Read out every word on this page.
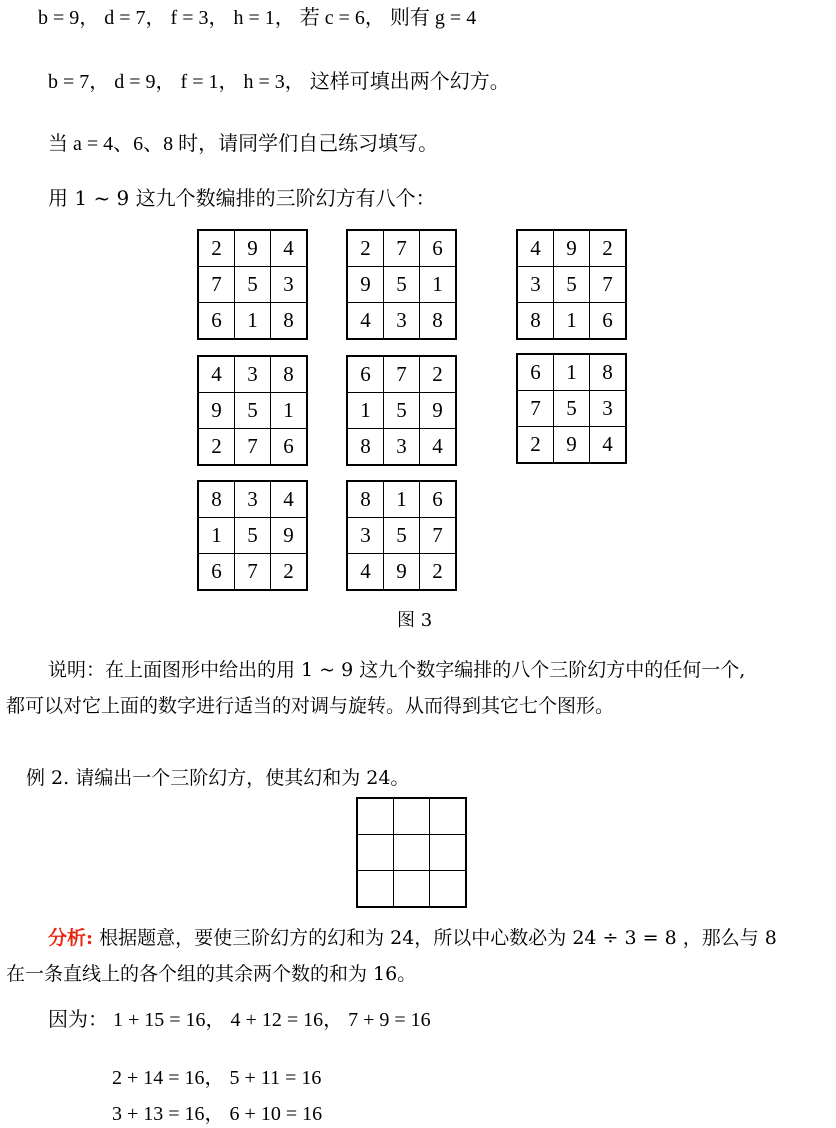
b = 9， d = 7， f = 3， h = 1， 若 c = 6， 则有 g = 4
b = 7， d = 9， f = 1， h = 3， 这样可填出两个幻方。
当 a = 4、6、8 时，请同学们自己练习填写。
用 1 ~ 9 这九个数编排的三阶幻方有八个：
2	9	4
7	5	3
6	1	8
2	7	6
9	5	1
4	3	8
4	9	2
3	5	7
8	1	6
4	3	8
9	5	1
2	7	6
6	7	2
1	5	9
8	3	4
6	1	8
7	5	3
2	9	4
8	3	4
1	5	9
6	7	2
8	1	6
3	5	7
4	9	2
图 3
说明：在上面图形中给出的用 1 ~ 9 这九个数字编排的八个三阶幻方中的任何一个,
都可以对它上面的数字进行适当的对调与旋转。从而得到其它七个图形。
例 2. 请编出一个三阶幻方，使其幻和为 24。

分析: 根据题意，要使三阶幻方的幻和为 24，所以中心数必为 24 ÷ 3 = 8 ，那么与 8
在一条直线上的各个组的其余两个数的和为 16。
因为： 1 + 15 = 16， 4 + 12 = 16， 7 + 9 = 16
2 + 14 = 16， 5 + 11 = 16
3 + 13 = 16， 6 + 10 = 16
